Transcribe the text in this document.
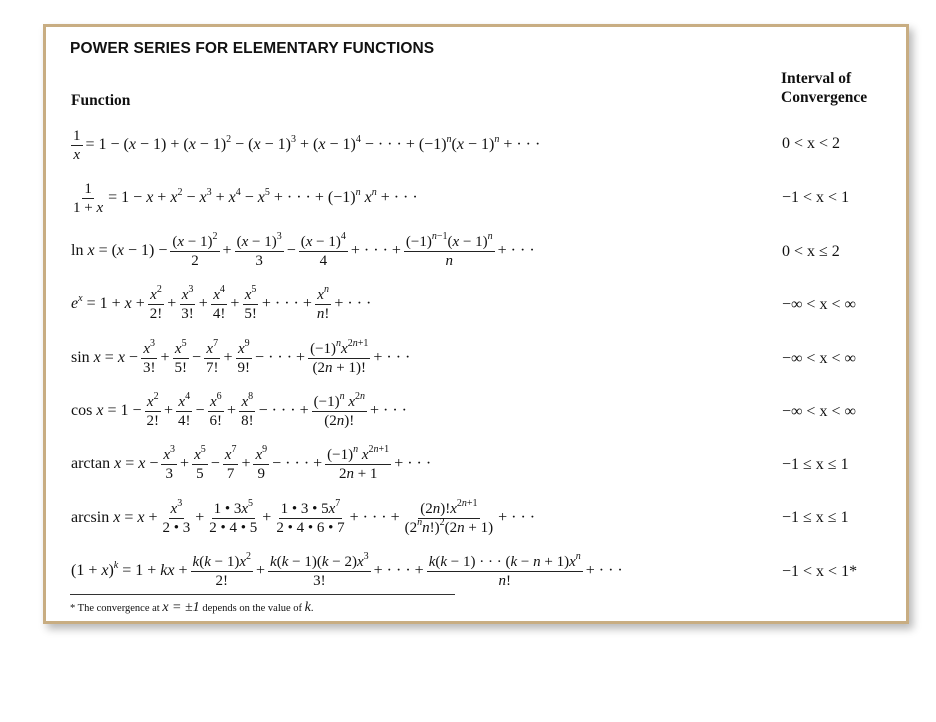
POWER SERIES FOR ELEMENTARY FUNCTIONS
Function
Interval of
Convergence
$\frac{1}{x} = 1 - (x - 1) + (x - 1)^2 - (x - 1)^3 + (x - 1)^4$ − · · · + $(-1)^n(x - 1)^n$ + · · ·	0 < x < 2
$\frac{1}{1 + x} = 1 - x + x^2 - x^3 + x^4 - x^5$ + · · · + $(-1)^n$ $x^n$ + · · ·	−1 < x < 1
$\ln x = (x - 1) - \frac{(x - 1)^2}{2} + \frac{(x - 1)^3}{3} - \frac{(x - 1)^4}{4}$ + · · · + $\frac{(-1)^{n-1}(x - 1)^n}{n}$ + · · ·	0 < x ≤ 2
$e^x = 1 + x + \frac{x^2}{2!} + \frac{x^3}{3!} + \frac{x^4}{4!} + \frac{x^5}{5!}$ + · · · + $\frac{x^n}{n!}$ + · · ·	−∞ < x < ∞
$\sin x = x - \frac{x^3}{3!} + \frac{x^5}{5!} - \frac{x^7}{7!} + \frac{x^9}{9!}$ − · · · + $\frac{(-1)^nx^{2n+1}}{(2n + 1)!}$ + · · ·	−∞ < x < ∞
$\cos x = 1 - \frac{x^2}{2!} + \frac{x^4}{4!} - \frac{x^6}{6!} + \frac{x^8}{8!}$ − · · · + $\frac{(-1)^n x^{2n}}{(2n)!}$ + · · ·	−∞ < x < ∞
$\arctan x = x - \frac{x^3}{3} + \frac{x^5}{5} - \frac{x^7}{7} + \frac{x^9}{9}$ − · · · + $\frac{(-1)^n x^{2n+1}}{2n + 1}$ + · · ·	−1 ≤ x ≤ 1
$\arcsin x = x + \frac{x^3}{2 • 3} + \frac{1 • 3x^5}{2 • 4 • 5} + \frac{1 • 3 • 5x^7}{2 • 4 • 6 • 7}$ + · · · + $\frac{(2n)!x^{2n+1}}{(2^nn!)^2(2n + 1)}$ + · · ·	−1 ≤ x ≤ 1
$(1 + x)^k = 1$ + kx + $\frac{k(k - 1)x^2}{2!} + \frac{k(k - 1)(k - 2)x^3}{3!}$ + · · · + $\frac{k(k - 1) \cdot \cdot \cdot (k - n + 1)x^n}{n!}$ + · · ·	−1 < x < 1*
* The convergence at x = ±1 depends on the value of k.
